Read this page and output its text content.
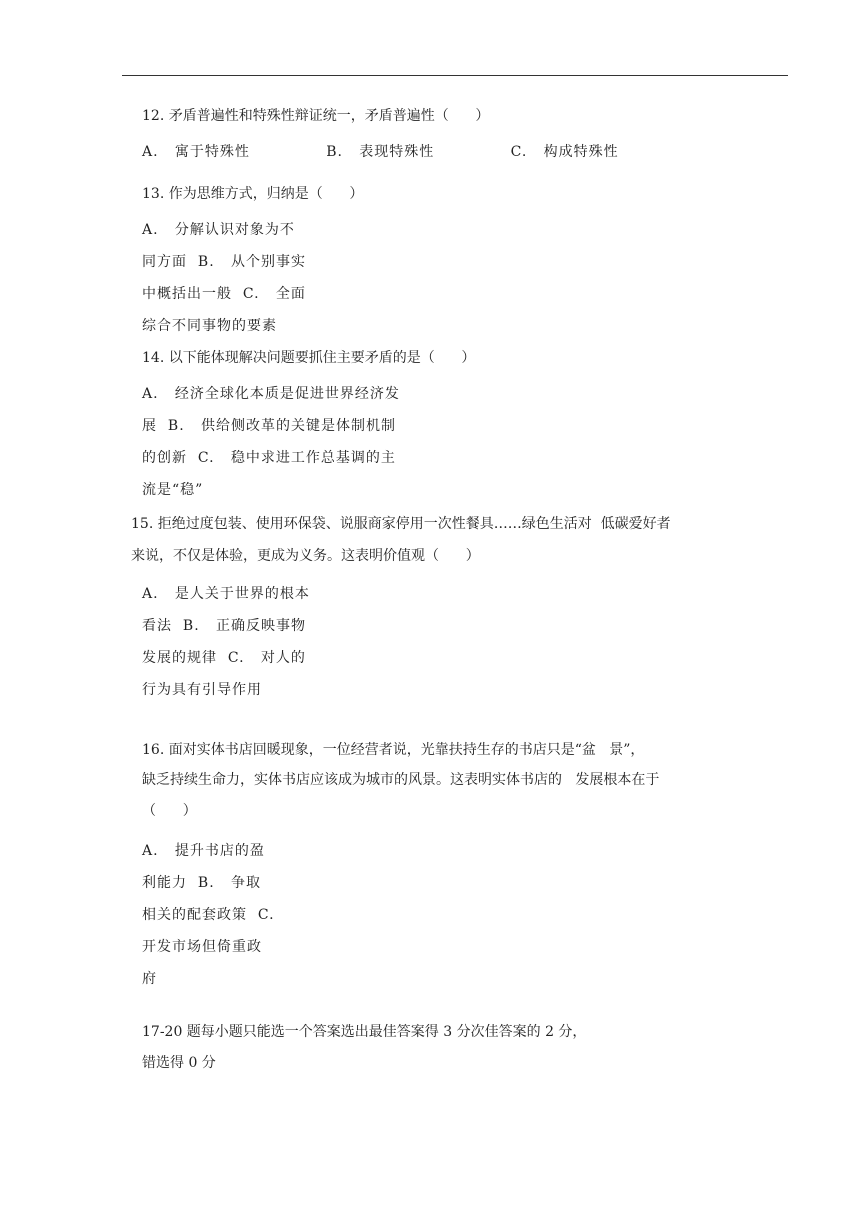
12. 矛盾普遍性和特殊性辩证统一，矛盾普遍性（      ）
A.   寓于特殊性              B.   表现特殊性              C.   构成特殊性
13. 作为思维方式，归纳是（      ）
A.   分解认识对象为不
同方面  B.   从个别事实
中概括出一般  C.   全面
综合不同事物的要素
14. 以下能体现解决问题要抓住主要矛盾的是（      ）
A.   经济全球化本质是促进世界经济发
展  B.   供给侧改革的关键是体制机制
的创新  C.   稳中求进工作总基调的主
流是“稳”
15. 拒绝过度包装、使用环保袋、说服商家停用一次性餐具……绿色生活对  低碳爱好者
来说，不仅是体验，更成为义务。这表明价值观（      ）
A.   是人关于世界的根本
看法  B.   正确反映事物
发展的规律  C.   对人的
行为具有引导作用
16. 面对实体书店回暖现象，一位经营者说，光靠扶持生存的书店只是“盆   景”，
缺乏持续生命力，实体书店应该成为城市的风景。这表明实体书店的   发展根本在于
（      ）
A.   提升书店的盈
利能力  B.   争取
相关的配套政策  C.
开发市场但倚重政
府
17-20 题每小题只能选一个答案选出最佳答案得 3 分次佳答案的 2 分，
错选得 0 分
